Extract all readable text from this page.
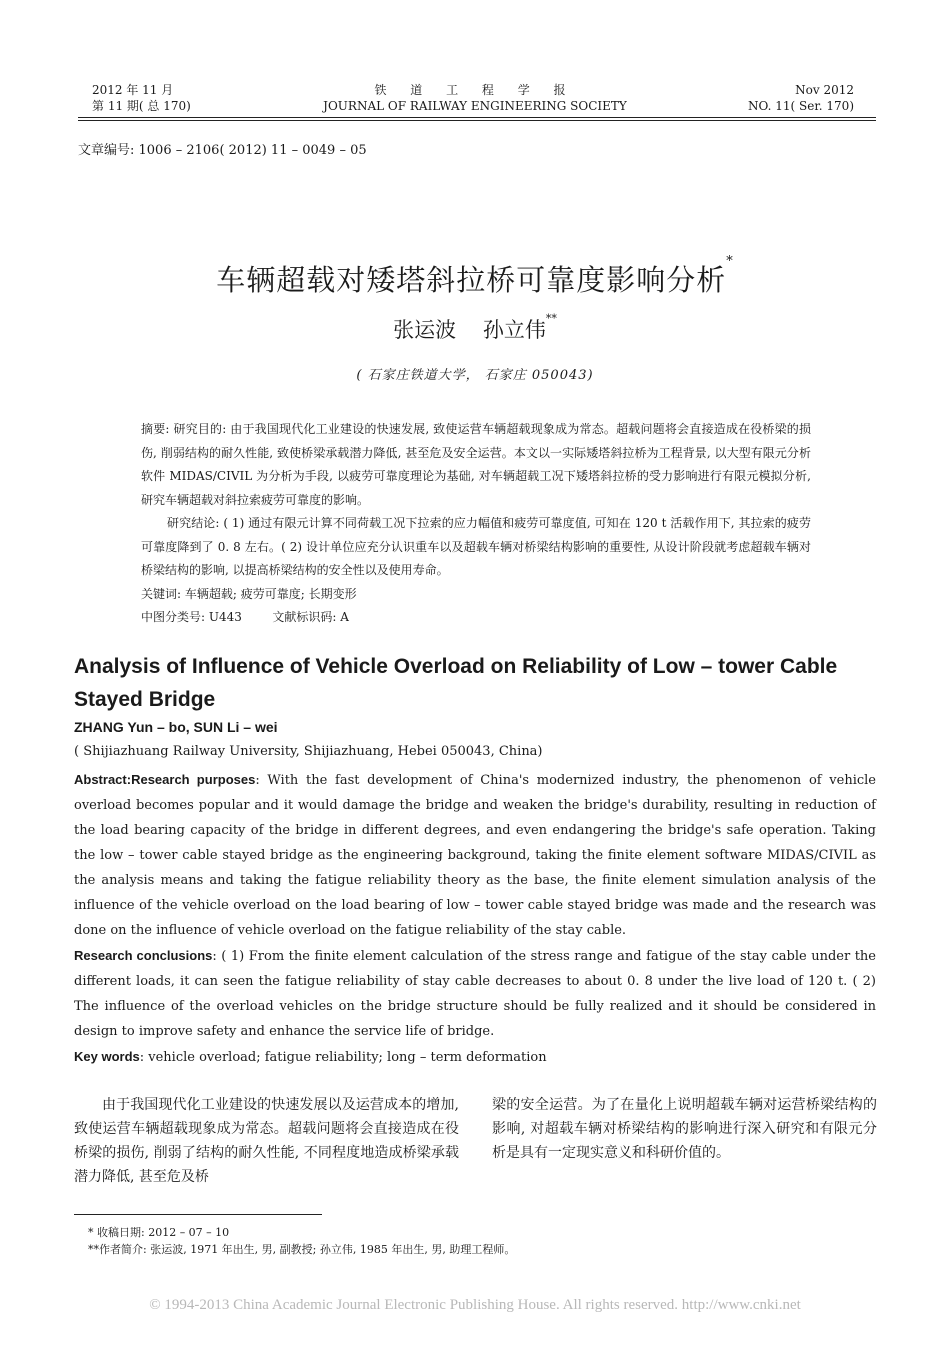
2012 年 11 月
第 11 期( 总 170)
铁 道 工 程 学 报
JOURNAL OF RAILWAY ENGINEERING SOCIETY
Nov 2012
NO. 11( Ser. 170)
文章编号: 1006 – 2106( 2012) 11 – 0049 – 05
车辆超载对矮塔斜拉桥可靠度影响分析*
张运波 孙立伟**
( 石家庄铁道大学， 石家庄 050043)

摘要: 研究目的: 由于我国现代化工业建设的快速发展, 致使运营车辆超载现象成为常态。超载问题将会直接造成在役桥梁的损伤, 削弱结构的耐久性能, 致使桥梁承载潜力降低, 甚至危及安全运营。本文以一实际矮塔斜拉桥为工程背景, 以大型有限元分析软件 MIDAS/CIVIL 为分析为手段, 以疲劳可靠度理论为基础, 对车辆超载工况下矮塔斜拉桥的受力影响进行有限元模拟分析, 研究车辆超载对斜拉索疲劳可靠度的影响。

研究结论: ( 1) 通过有限元计算不同荷载工况下拉索的应力幅值和疲劳可靠度值, 可知在 120 t 活载作用下, 其拉索的疲劳可靠度降到了 0. 8 左右。( 2) 设计单位应充分认识重车以及超载车辆对桥梁结构影响的重要性, 从设计阶段就考虑超载车辆对桥梁结构的影响, 以提高桥梁结构的安全性以及使用寿命。

关键词: 车辆超载; 疲劳可靠度; 长期变形

中图分类号: U443	文献标识码: A

Analysis of Influence of Vehicle Overload on Reliability of Low – tower Cable Stayed Bridge
ZHANG Yun – bo, SUN Li – wei
( Shijiazhuang Railway University, Shijiazhuang, Hebei 050043, China)

Abstract:Research purposes: With the fast development of China's modernized industry, the phenomenon of vehicle overload becomes popular and it would damage the bridge and weaken the bridge's durability, resulting in reduction of the load bearing capacity of the bridge in different degrees, and even endangering the bridge's safe operation. Taking the low – tower cable stayed bridge as the engineering background, taking the finite element software MIDAS/CIVIL as the analysis means and taking the fatigue reliability theory as the base, the finite element simulation analysis of the influence of the vehicle overload on the load bearing of low – tower cable stayed bridge was made and the research was done on the influence of vehicle overload on the fatigue reliability of the stay cable.

Research conclusions: ( 1) From the finite element calculation of the stress range and fatigue of the stay cable under the different loads, it can seen the fatigue reliability of stay cable decreases to about 0. 8 under the live load of 120 t. ( 2) The influence of the overload vehicles on the bridge structure should be fully realized and it should be considered in design to improve safety and enhance the service life of bridge.

Key words: vehicle overload; fatigue reliability; long – term deformation

由于我国现代化工业建设的快速发展以及运营成本的增加, 致使运营车辆超载现象成为常态。超载问题将会直接造成在役桥梁的损伤, 削弱了结构的耐久性能, 不同程度地造成桥梁承载潜力降低, 甚至危及桥
梁的安全运营。为了在量化上说明超载车辆对运营桥梁结构的影响, 对超载车辆对桥梁结构的影响进行深入研究和有限元分析是具有一定现实意义和科研价值的。
* 收稿日期: 2012 – 07 – 10
**作者简介: 张运波, 1971 年出生, 男, 副教授; 孙立伟, 1985 年出生, 男, 助理工程师。
© 1994-2013 China Academic Journal Electronic Publishing House. All rights reserved. http://www.cnki.net
